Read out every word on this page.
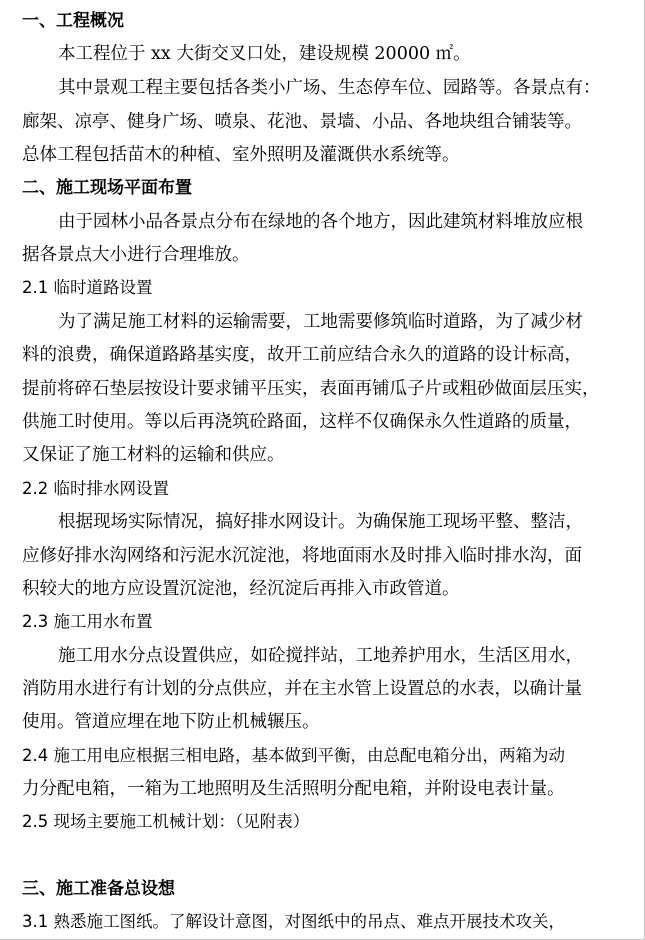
一、工程概况
本工程位于 xx 大街交叉口处，建设规模 20000 ㎡。
其中景观工程主要包括各类小广场、生态停车位、园路等。各景点有：
廊架、凉亭、健身广场、喷泉、花池、景墙、小品、各地块组合铺装等。
总体工程包括苗木的种植、室外照明及灌溉供水系统等。
二、施工现场平面布置
由于园林小品各景点分布在绿地的各个地方，因此建筑材料堆放应根
据各景点大小进行合理堆放。
2.1 临时道路设置
为了满足施工材料的运输需要，工地需要修筑临时道路，为了减少材
料的浪费，确保道路路基实度，故开工前应结合永久的道路的设计标高，
提前将碎石垫层按设计要求铺平压实，表面再铺瓜子片或粗砂做面层压实，
供施工时使用。等以后再浇筑砼路面，这样不仅确保永久性道路的质量，
又保证了施工材料的运输和供应。
2.2 临时排水网设置
根据现场实际情况，搞好排水网设计。为确保施工现场平整、整洁，
应修好排水沟网络和污泥水沉淀池，将地面雨水及时排入临时排水沟，面
积较大的地方应设置沉淀池，经沉淀后再排入市政管道。
2.3 施工用水布置
施工用水分点设置供应，如砼搅拌站，工地养护用水，生活区用水，
消防用水进行有计划的分点供应，并在主水管上设置总的水表，以确计量
使用。管道应埋在地下防止机械辗压。
2.4 施工用电应根据三相电路，基本做到平衡，由总配电箱分出，两箱为动
力分配电箱，一箱为工地照明及生活照明分配电箱，并附设电表计量。
2.5 现场主要施工机械计划：（见附表）
三、施工准备总设想
3.1 熟悉施工图纸。了解设计意图，对图纸中的吊点、难点开展技术攻关，
